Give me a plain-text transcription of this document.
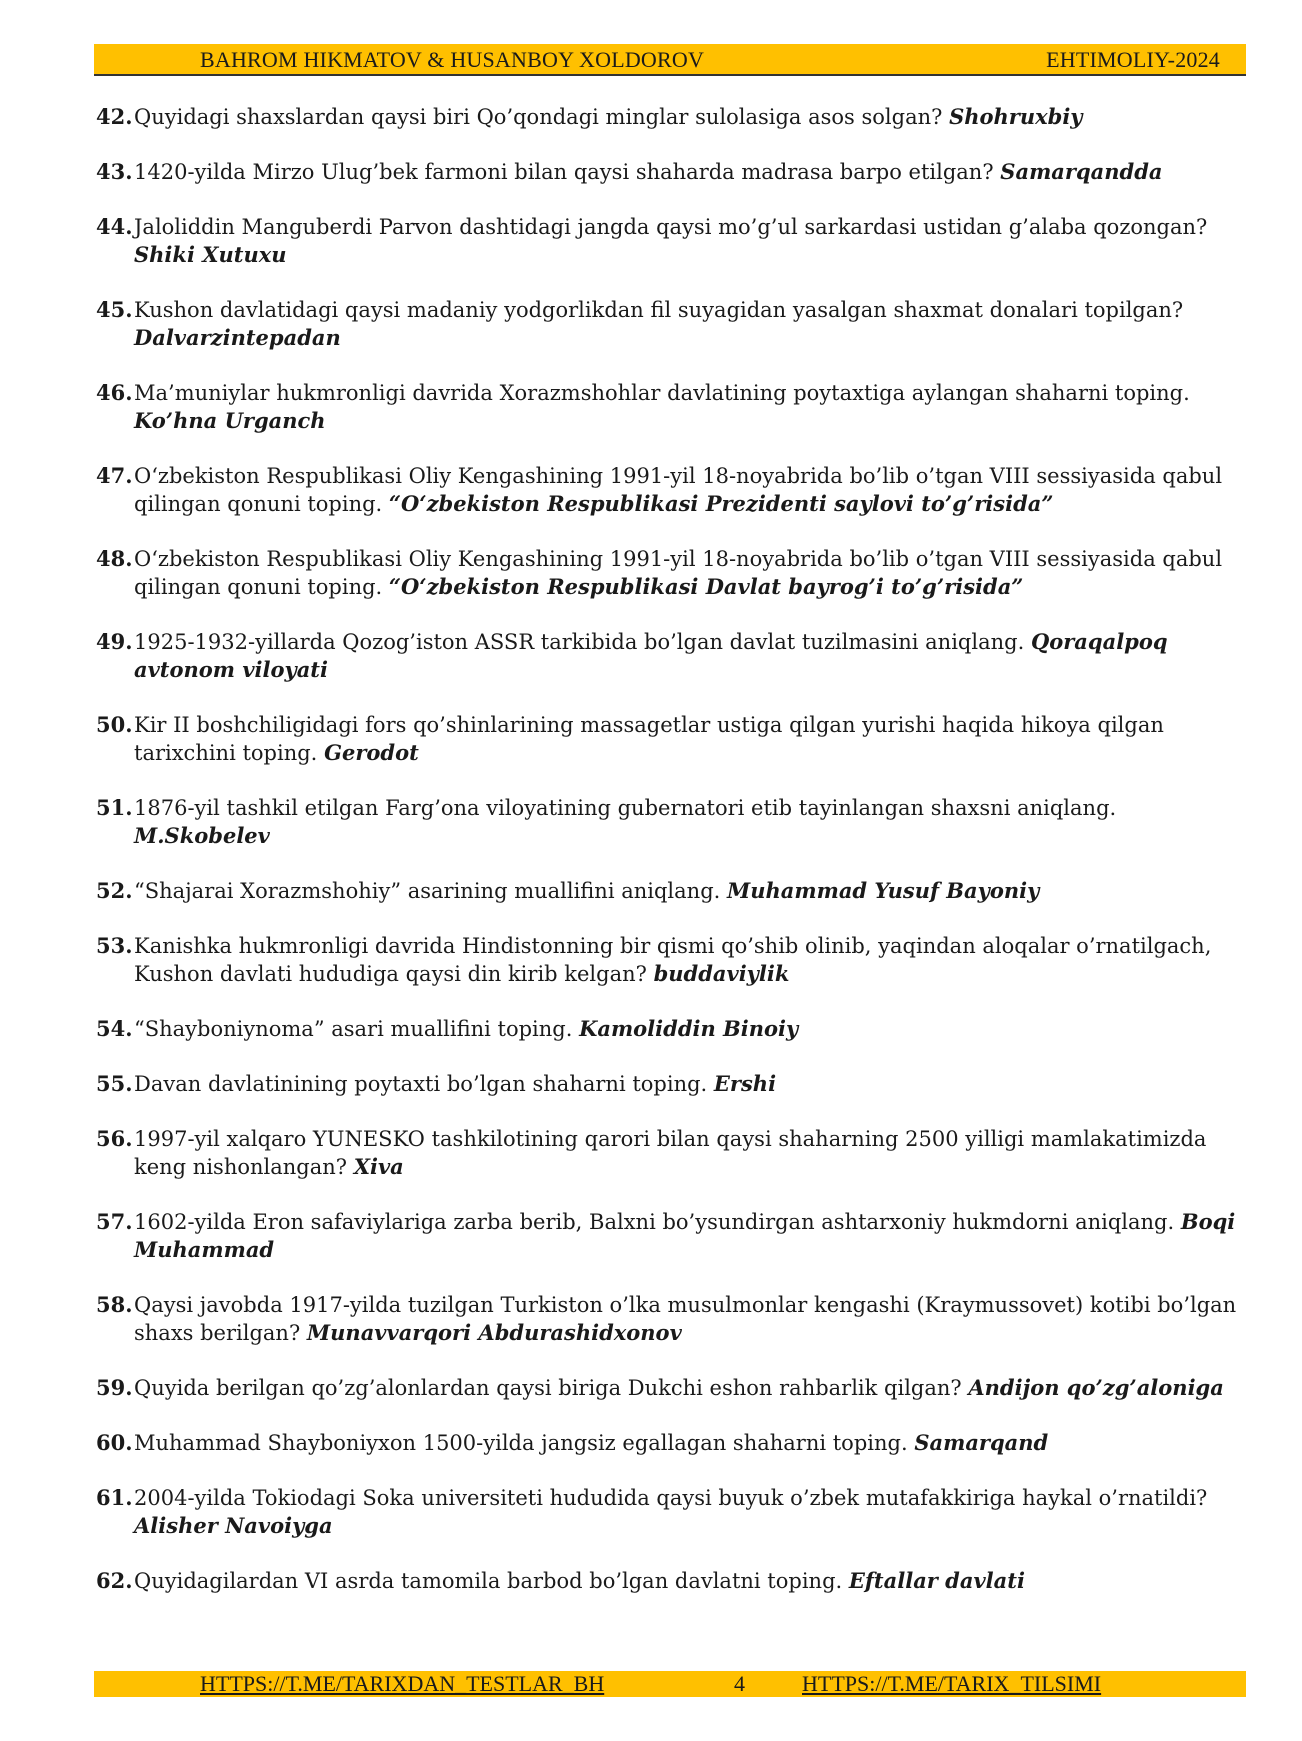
BAHROM HIKMATOV & HUSANBOY XOLDOROV	EHTIMOLIY-2024
42. Quyidagi shaxslardan qaysi biri Qo’qondagi minglar sulolasiga asos solgan? Shohruxbiy
43. 1420-yilda Mirzo Ulug’bek farmoni bilan qaysi shaharda madrasa barpo etilgan? Samarqandda
44. Jaloliddin Manguberdi Parvon dashtidagi jangda qaysi mo’g’ul sarkardasi ustidan g’alaba qozongan? Shiki Xutuxu
45. Kushon davlatidagi qaysi madaniy yodgorlikdan fil suyagidan yasalgan shaxmat donalari topilgan? Dalvarzintepadan
46. Ma’muniylar hukmronligi davrida Xorazmshohlar davlatining poytaxtiga aylangan shaharni toping. Ko’hna Urganch
47. O‘zbekiston Respublikasi Oliy Kengashining 1991-yil 18-noyabrida bo’lib o’tgan VIII sessiyasida qabul qilingan qonuni toping. “O‘zbekiston Respublikasi Prezidenti saylovi to’g’risida”
48. O‘zbekiston Respublikasi Oliy Kengashining 1991-yil 18-noyabrida bo’lib o’tgan VIII sessiyasida qabul qilingan qonuni toping. “O‘zbekiston Respublikasi Davlat bayrog’i to’g’risida”
49. 1925-1932-yillarda Qozog’iston ASSR tarkibida bo’lgan davlat tuzilmasini aniqlang. Qoraqalpoq avtonom viloyati
50. Kir II boshchiligidagi fors qo’shinlarining massagetlar ustiga qilgan yurishi haqida hikoya qilgan tarixchini toping. Gerodot
51. 1876-yil tashkil etilgan Farg’ona viloyatining gubernatori etib tayinlangan shaxsni aniqlang. M.Skobelev
52. “Shajarai Xorazmshohiy” asarining muallifini aniqlang. Muhammad Yusuf Bayoniy
53. Kanishka hukmronligi davrida Hindistonning bir qismi qo’shib olinib, yaqindan aloqalar o’rnatilgach, Kushon davlati hududiga qaysi din kirib kelgan? buddaviylik
54. “Shayboniynoma” asari muallifini toping. Kamoliddin Binoiy
55. Davan davlatinining poytaxti bo’lgan shaharni toping. Ershi
56. 1997-yil xalqaro YUNESKO tashkilotining qarori bilan qaysi shaharning 2500 yilligi mamlakatimizda keng nishonlangan? Xiva
57. 1602-yilda Eron safaviylariga zarba berib, Balxni bo’ysundirgan ashtarxoniy hukmdorni aniqlang. Boqi Muhammad
58. Qaysi javobda 1917-yilda tuzilgan Turkiston o’lka musulmonlar kengashi (Kraymussovet) kotibi bo’lgan shaxs berilgan? Munavvarqori Abdurashidxonov
59. Quyida berilgan qo’zg’alonlardan qaysi biriga Dukchi eshon rahbarlik qilgan? Andijon qo’zg’aloniga
60. Muhammad Shayboniyxon 1500-yilda jangsiz egallagan shaharni toping. Samarqand
61. 2004-yilda Tokiodagi Soka universiteti hududida qaysi buyuk o’zbek mutafakkiriga haykal o’rnatildi? Alisher Navoiyga
62. Quyidagilardan VI asrda tamomila barbod bo’lgan davlatni toping. Eftallar davlati
HTTPS://T.ME/TARIXDAN_TESTLAR_BH	4	HTTPS://T.ME/TARIX_TILSIMI
